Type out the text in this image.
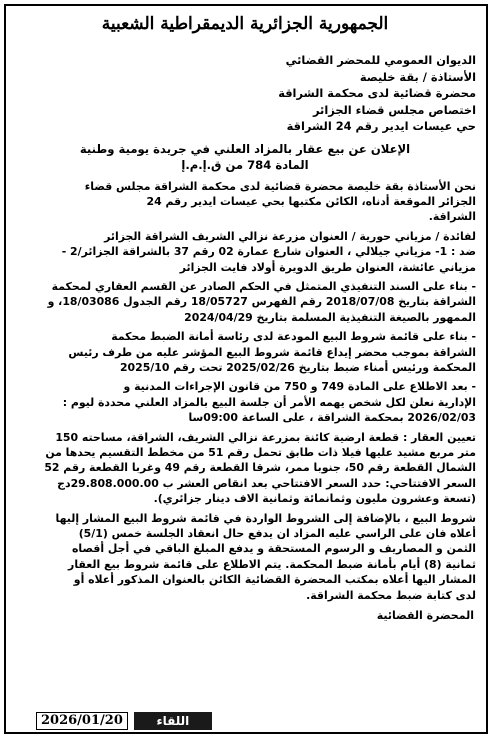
الجمهورية الجزائرية الديمقراطية الشعبية
الديوان العمومي للمحضر القضائي
الأستاذة / بقة خليصة
محضرة قضائية لدى محكمة الشراقة
اختصاص مجلس قضاء الجزائر
حي عيسات ايدير رقم 24 الشراقة
الإعلان عن بيع عقار بالمزاد العلني في جريدة يومية وطنية
المادة 784 من ق.إ.م.إ

نحن الأستاذة بقة خليصة محضرة قضائية لدى محكمة الشراقة مجلس قضاء
الجزائر الموقعة أدناه، الكائن مكتبها بحي عيسات ايدير رقم 24
الشراقة.

لفائدة / مزياني حورية / العنوان مزرعة نزالي الشريف الشراقة الجزائر
ضد : 1- مزياني جيلالي ، العنوان شارع عمارة 02 رقم 37 بالشراقة الجزائر/2 -
مزياني عائشة، العنوان طريق الدويرة أولاد فايت الجزائر

- بناء على السند التنفيذي المتمثل في الحكم الصادر عن القسم العقاري لمحكمة
الشراقة بتاريخ 2018/07/08 رقم الفهرس 18/05727 رقم الجدول 18/03086، و
الممهور بالصيغة التنفيذية المسلمة بتاريخ 2024/04/29

- بناء على قائمة شروط البيع المودعة لدى رئاسة أمانة الضبط محكمة
الشراقة بموجب محضر إيداع قائمة شروط البيع المؤشر عليه من طرف رئيس
المحكمة ورئيس أمناء ضبط بتاريخ 2025/02/26 تحت رقم 2025/10

- بعد الاطلاع على المادة 749 و 750 من قانون الإجراءات المدنية و
الإدارية نعلن لكل شخص يهمه الأمر أن جلسة البيع بالمزاد العلني محددة ليوم :
2026/02/03 بمحكمة الشراقة ، على الساعة 09:00سا

تعيين العقار : قطعة ارضية كائنة بمزرعة نزالي الشريف، الشراقة، مساحته 150
متر مربع مشيد عليها فيلا ذات طابق تحمل رقم 51 من مخطط التقسيم يحدها من
الشمال القطعة رقم 50، جنوبا ممر، شرقا القطعة رقم 49 وغربا القطعة رقم 52
السعر الافتتاحي: حدد السعر الافتتاحي بعد انقاص العشر ب 29.808.000.00دج
(تسعة وعشرون مليون وثمانمائة وثمانية الاف دينار جزائري).

شروط البيع ، بالإضافة إلى الشروط الواردة في قائمة شروط البيع المشار إليها
أعلاه فان على الراسي عليه المزاد ان يدفع حال انعقاد الجلسة خمس (5/1)
الثمن و المصاريف و الرسوم المستحقة و يدفع المبلغ الباقي في أجل أقصاه
ثمانية (8) أيام بأمانة ضبط المحكمة. يتم الاطلاع على قائمة شروط بيع العقار
المشار اليها أعلاه بمكتب المحضرة القضائية الكائن بالعنوان المذكور أعلاه أو
لدى كتابة ضبط محكمة الشراقة.

المحضرة القضائية
2026/01/20	اللقاء
